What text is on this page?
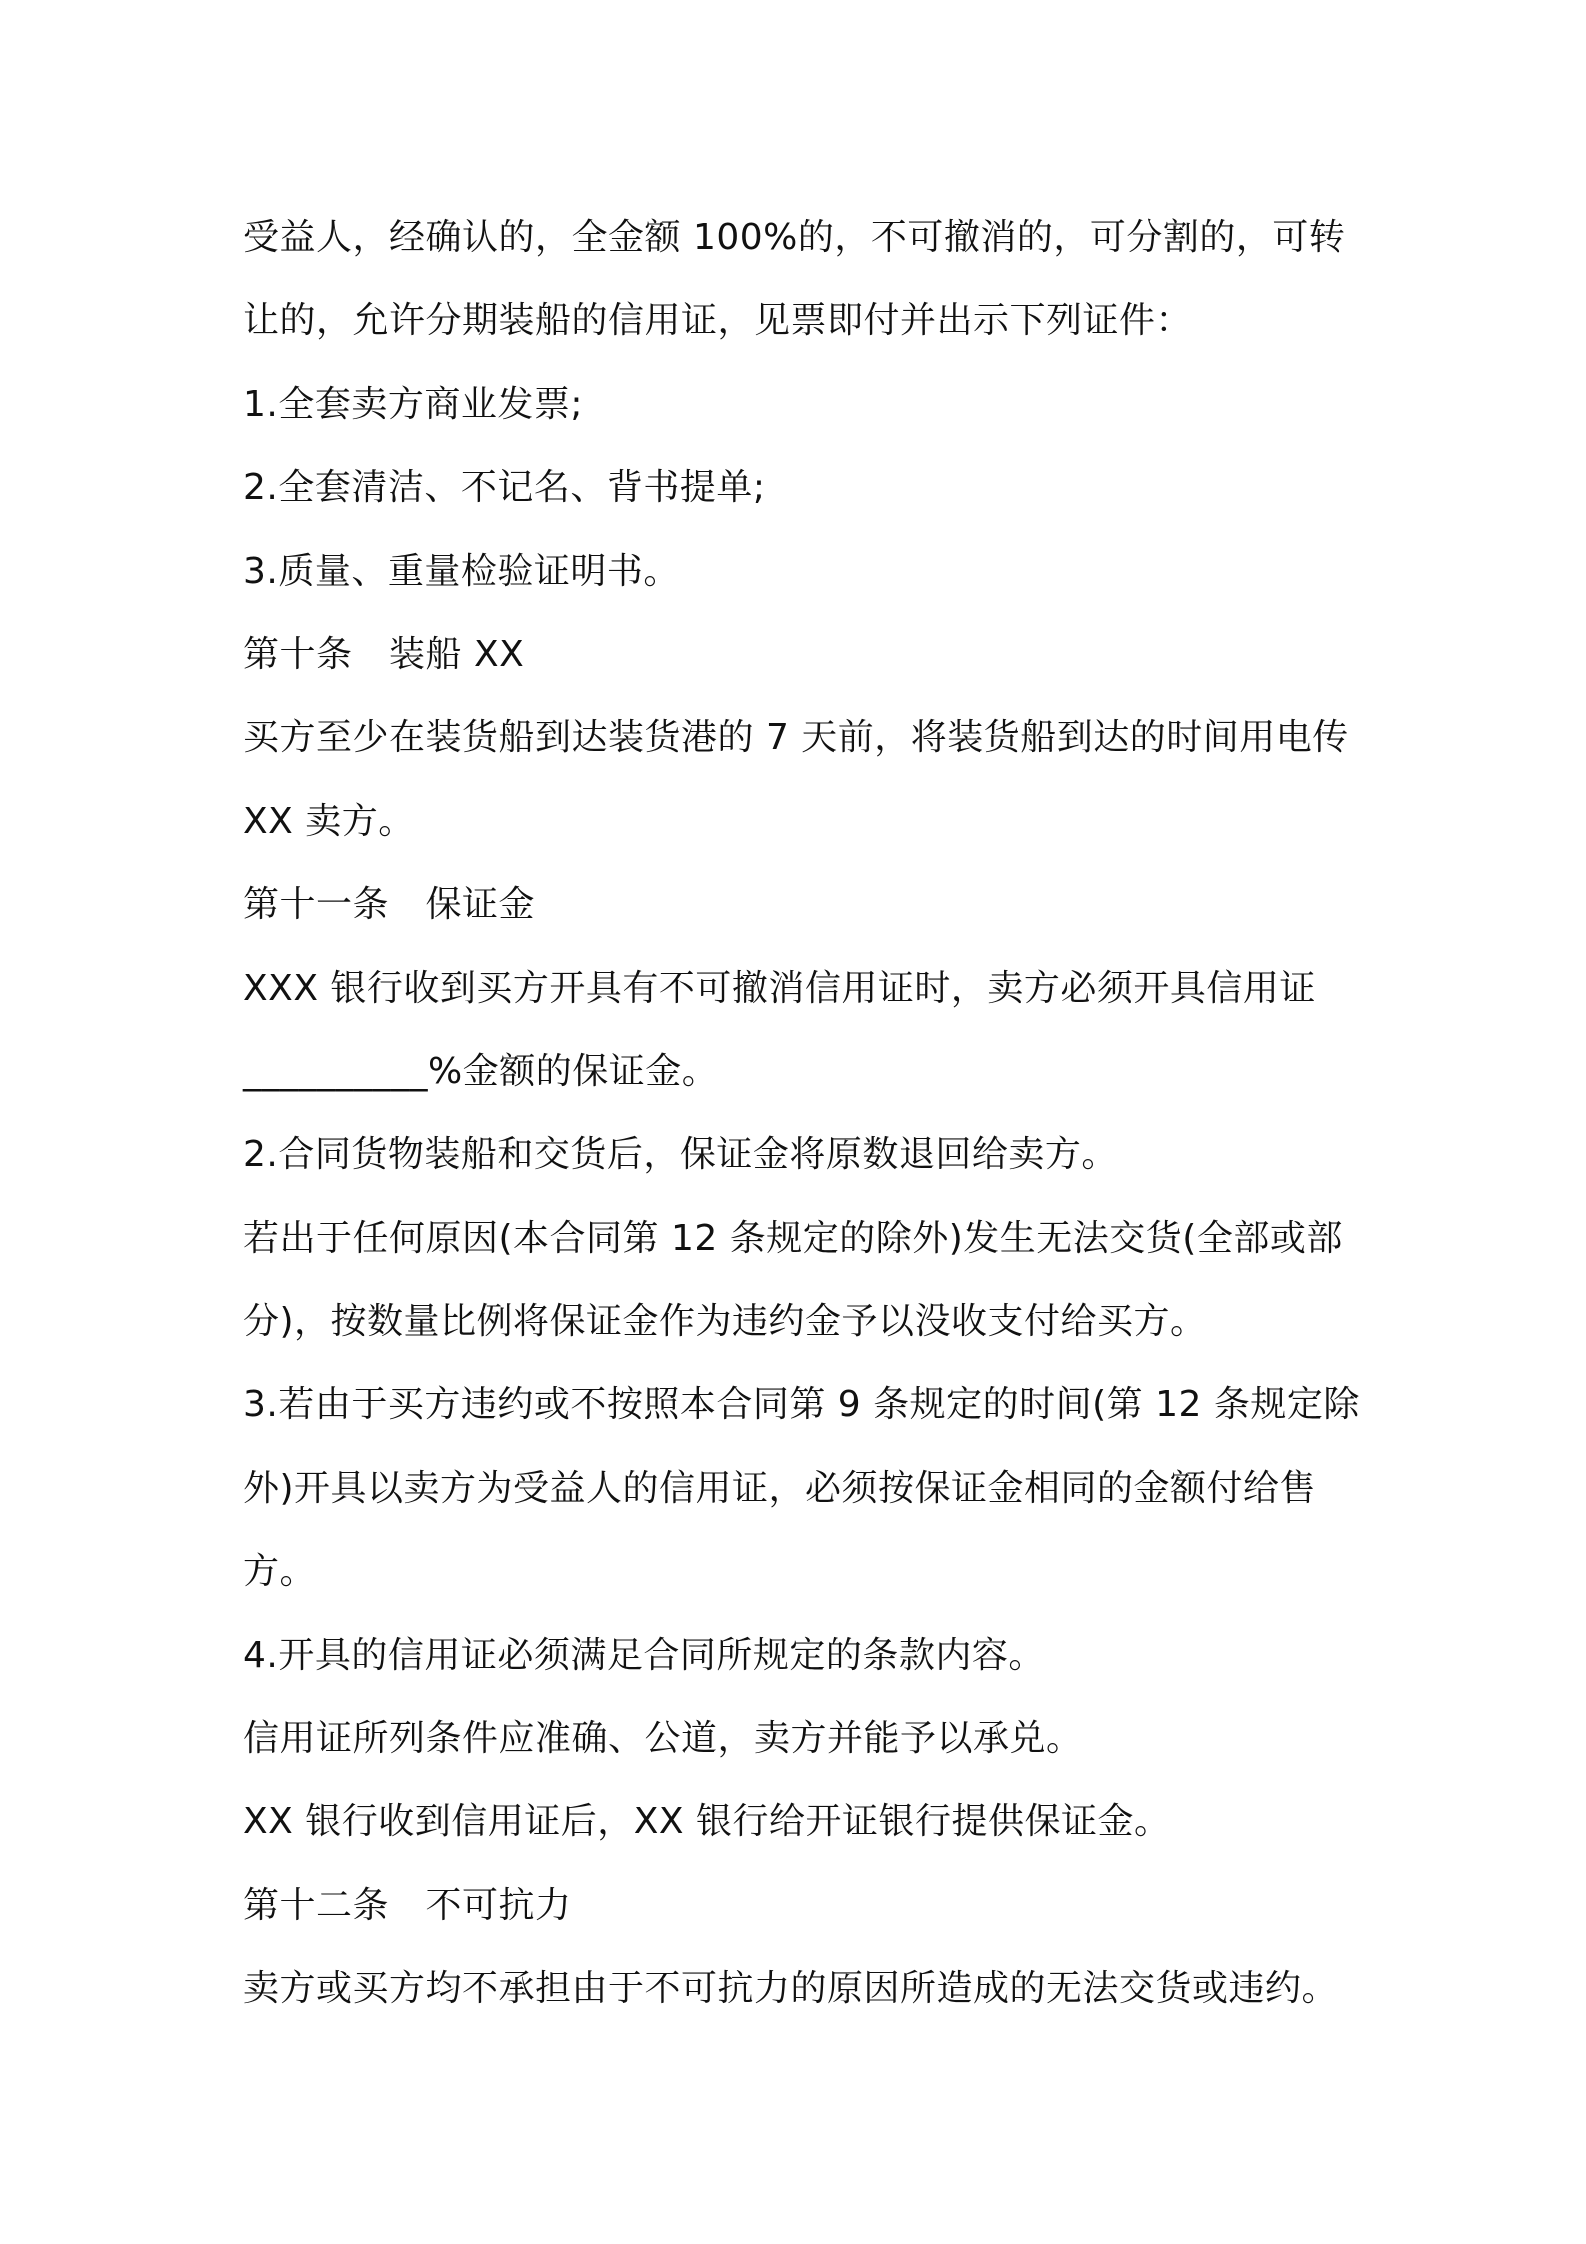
受益人，经确认的，全金额 100%的，不可撤消的，可分割的，可转
让的，允许分期装船的信用证，见票即付并出示下列证件：
1.全套卖方商业发票;
2.全套清洁、不记名、背书提单;
3.质量、重量检验证明书。
第十条　装船 XX
买方至少在装货船到达装货港的 7 天前，将装货船到达的时间用电传
XX 卖方。
第十一条　保证金
XXX 银行收到买方开具有不可撤消信用证时，卖方必须开具信用证
__________%金额的保证金。
2.合同货物装船和交货后，保证金将原数退回给卖方。
若出于任何原因(本合同第 12 条规定的除外)发生无法交货(全部或部
分)，按数量比例将保证金作为违约金予以没收支付给买方。
3.若由于买方违约或不按照本合同第 9 条规定的时间(第 12 条规定除
外)开具以卖方为受益人的信用证，必须按保证金相同的金额付给售
方。
4.开具的信用证必须满足合同所规定的条款内容。
信用证所列条件应准确、公道，卖方并能予以承兑。
XX 银行收到信用证后，XX 银行给开证银行提供保证金。
第十二条　不可抗力
卖方或买方均不承担由于不可抗力的原因所造成的无法交货或违约。
